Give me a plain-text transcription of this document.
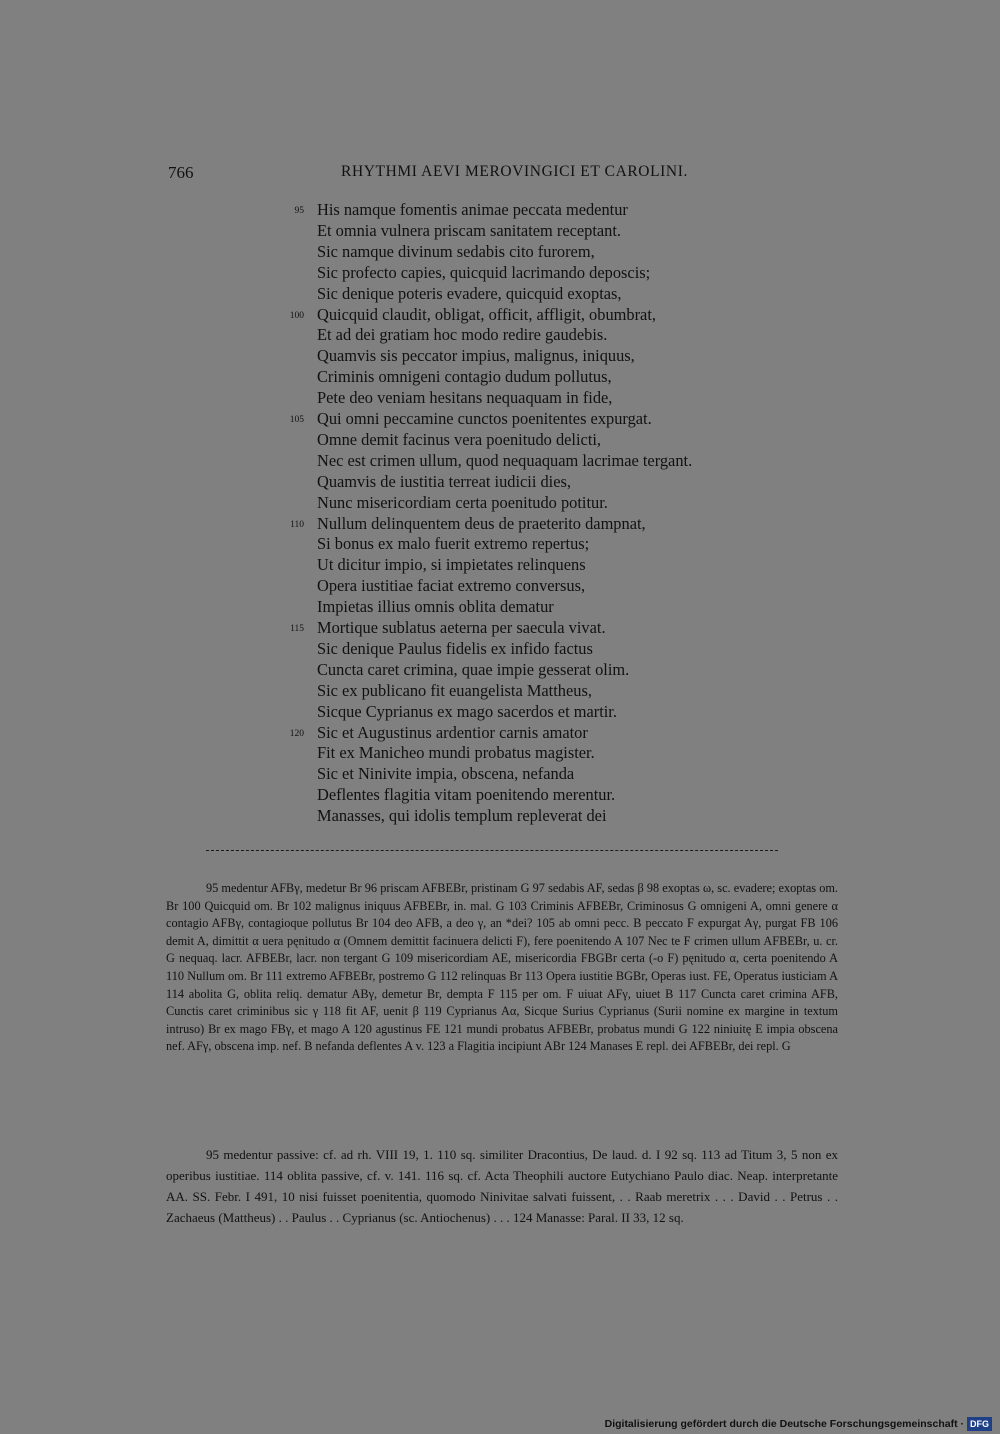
766	RHYTHMI AEVI MEROVINGICI ET CAROLINI.
95 His namque fomentis animae peccata medentur
Et omnia vulnera priscam sanitatem receptant.
Sic namque divinum sedabis cito furorem,
Sic profecto capies, quicquid lacrimando deposcis;
Sic denique poteris evadere, quicquid exoptas,
100 Quicquid claudit, obligat, officit, affligit, obumbrat,
Et ad dei gratiam hoc modo redire gaudebis.
Quamvis sis peccator impius, malignus, iniquus,
Criminis omnigeni contagio dudum pollutus,
Pete deo veniam hesitans nequaquam in fide,
105 Qui omni peccamine cunctos poenitentes expurgat.
Omne demit facinus vera poenitudo delicti,
Nec est crimen ullum, quod nequaquam lacrimae tergant.
Quamvis de iustitia terreat iudicii dies,
Nunc misericordiam certa poenitudo potitur.
110 Nullum delinquentem deus de praeterito dampnat,
Si bonus ex malo fuerit extremo repertus;
Ut dicitur impio, si impietates relinquens
Opera iustitiae faciat extremo conversus,
Impietas illius omnis oblita dematur
115 Mortique sublatus aeterna per saecula vivat.
Sic denique Paulus fidelis ex infido factus
Cuncta caret crimina, quae impie gesserat olim.
Sic ex publicano fit euangelista Mattheus,
Sicque Cyprianus ex mago sacerdos et martir.
120 Sic et Augustinus ardentior carnis amator
Fit ex Manicheo mundi probatus magister.
Sic et Ninivite impia, obscena, nefanda
Deflentes flagitia vitam poenitendo merentur.
Manasses, qui idolis templum repleverat dei

95 medentur AFBγ, medetur Br 96 priscam AFBEBr, pristinam G 97 sedabis AF, sedas β 98 exoptas ω, sc. evadere; exoptas om. Br 100 Quicquid om. Br 102 malignus iniquus AFBEBr, in. mal. G 103 Criminis AFBEBr, Criminosus G omnigeni A, omni genere α contagio AFBγ, contagioque pollutus Br 104 deo AFB, a deo γ, an *dei? 105 ab omni pecc. B peccato F expurgat Aγ, purgat FB 106 demit A, dimittit α uera pęnitudo α (Omnem demittit facinuera delicti F), fere poenitendo A 107 Nec te F crimen ullum AFBEBr, u. cr. G nequaq. lacr. AFBEBr, lacr. non tergant G 109 misericordiam AE, misericordia FBGBr certa (-o F) pęnitudo α, certa poenitendo A 110 Nullum om. Br 111 extremo AFBEBr, postremo G 112 relinquas Br 113 Opera iustitie BGBr, Operas iust. FE, Operatus iusticiam A 114 abolita G, oblita reliq. dematur ABγ, demetur Br, dempta F 115 per om. F uiuat AFγ, uiuet B 117 Cuncta caret crimina AFB, Cunctis caret criminibus sic γ 118 fit AF, uenit β 119 Cyprianus Aα, Sicque Surius Cyprianus (Surii nomine ex margine in textum intruso) Br ex mago FBγ, et mago A 120 agustinus FE 121 mundi probatus AFBEBr, probatus mundi G 122 niniuitę E impia obscena nef. AFγ, obscena imp. nef. B nefanda deflentes A v. 123 a Flagitia incipiunt ABr 124 Manases E repl. dei AFBEBr, dei repl. G

95 medentur passive: cf. ad rh. VIII 19, 1. 110 sq. similiter Dracontius, De laud. d. I 92 sq. 113 ad Titum 3, 5 non ex operibus iustitiae. 114 oblita passive, cf. v. 141. 116 sq. cf. Acta Theophili auctore Eutychiano Paulo diac. Neap. interpretante AA. SS. Febr. I 491, 10 nisi fuisset poenitentia, quomodo Ninivitae salvati fuissent, . . Raab meretrix . . . David . . Petrus . . Zachaeus (Mattheus) . . Paulus . . Cyprianus (sc. Antiochenus) . . . 124 Manasse: Paral. II 33, 12 sq.

Digitalisierung gefördert durch die Deutsche Forschungsgemeinschaft · DFG
